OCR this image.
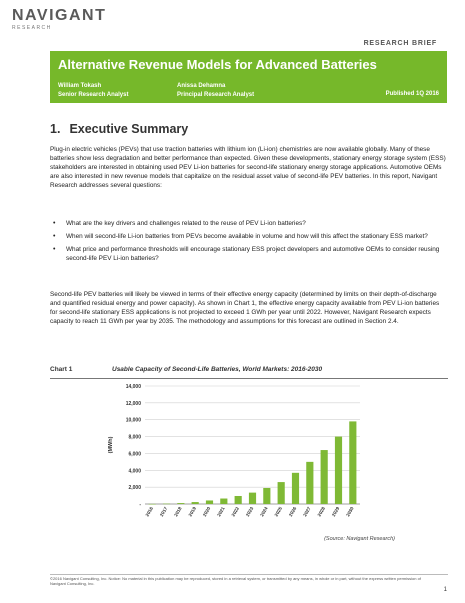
NAVIGANT
RESEARCH
RESEARCH BRIEF
Alternative Revenue Models for Advanced Batteries
William Tokash
Senior Research Analyst
Anissa Dehamna
Principal Research Analyst	Published 1Q 2016
1. Executive Summary

Plug-in electric vehicles (PEVs) that use traction batteries with lithium ion (Li-ion) chemistries are now available globally. Many of these batteries show less degradation and better performance than expected. Given these developments, stationary energy storage system (ESS) stakeholders are interested in obtaining used PEV Li-ion batteries for second-life stationary energy storage applications. Automotive OEMs are also interested in new revenue models that capitalize on the residual asset value of second-life PEV batteries. In this report, Navigant Research addresses several questions:

• What are the key drivers and challenges related to the reuse of PEV Li-ion batteries?
• When will second-life Li-ion batteries from PEVs become available in volume and how will this affect the stationary ESS market?
• What price and performance thresholds will encourage stationary ESS project developers and automotive OEMs to consider reusing second-life PEV Li-ion batteries?

Second-life PEV batteries will likely be viewed in terms of their effective energy capacity (determined by limits on their depth-of-discharge and quantified residual energy and power capacity). As shown in Chart 1, the effective energy capacity available from PEV Li-ion batteries for second-life stationary ESS applications is not projected to exceed 1 GWh per year until 2022. However, Navigant Research expects capacity to reach 11 GWh per year by 2035. The methodology and assumptions for this forecast are outlined in Section 2.4.

Chart 1	Usable Capacity of Second-Life Batteries, World Markets: 2016-2030
-
2,000
4,000
6,000
8,000
10,000
12,000
14,000
(MWh)
2016 2017 2018 2019 2020 2021 2022 2023 2024 2025 2026 2027 2028 2029 2030
(Source: Navigant Research)
©2016 Navigant Consulting, Inc. Notice: No material in this publication may be reproduced, stored in a retrieval system, or transmitted by any means, in whole or in part, without the express written permission of Navigant Consulting, Inc.
1
